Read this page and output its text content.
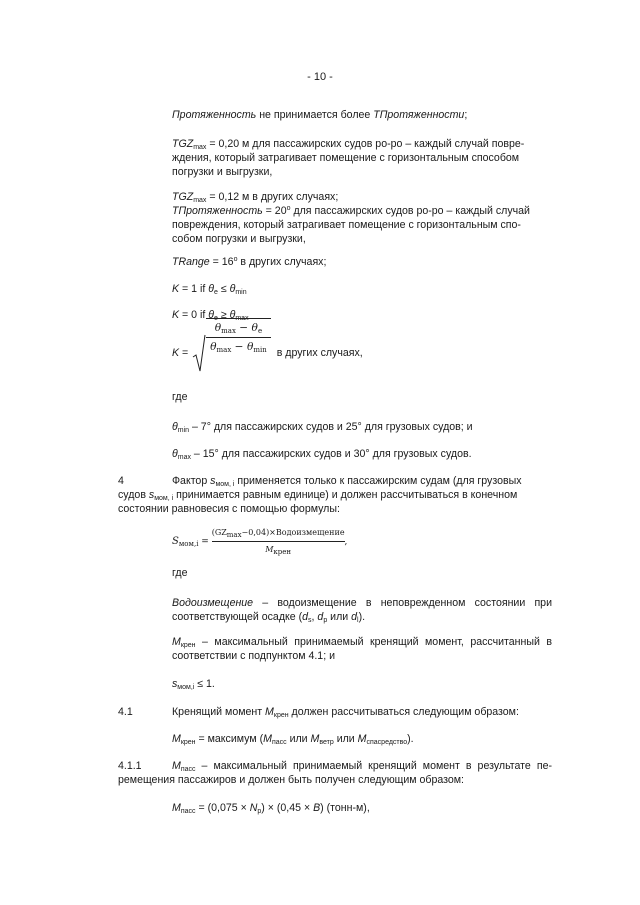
- 10 -
Протяженность не принимается более TПротяженности;
$TGZ_{max} = 0,20$ м для пассажирских судов ро-ро – каждый случай повре-
ждения, который затрагивает помещение с горизонтальным способом
погрузки и выгрузки,
$TGZ_{max} = 0,12$ м в других случаях;
TПротяженность = $20^o$ для пассажирских судов ро-ро – каждый случай
повреждения, который затрагивает помещение с горизонтальным спо-
собом погрузки и выгрузки,
TRange = $16^o$ в других случаях;
K = 1 if $\theta_e \le \theta_{min}$
K = 0 if $\theta_e \ge \theta_{max}$
K =
$\theta_{max} - \theta_e$
$\theta_{max} - \theta_{min}$ в других случаях,
где
$\theta_{min} - 7^\circ$ для пассажирских судов и 25° для грузовых судов; и
$\theta_{max} - 15^\circ$ для пассажирских судов и 30° для грузовых судов.
4	Фактор $s_{мом, i}$ применяется только к пассажирским судам (для грузовых
судов $s_{мом, i}$ принимается равным единице) и должен рассчитываться в конечном
состоянии равновесия с помощью формулы:
$S_{мом,i}$ =
$(GZ_{max}-0,04)\times Водоизмещение$
$M_{крен}$
,
где
Водоизмещение – водоизмещение в неповрежденном состоянии при
соответствующей осадке ($d_s$, $d_p$ или $d_l$).
$M_{крен}$ – максимальный принимаемый кренящий момент, рассчитанный в
соответствии с подпунктом 4.1; и
$s_{мом,i} \le 1$.
4.1	Кренящий момент $M_{крен}$ должен рассчитываться следующим образом:
$M_{крен}$ = максимум ($M_{пасс}$ или $M_{ветр}$ или $M_{спасредство}$).
4.1.1	$M_{пасс}$ – максимальный принимаемый кренящий момент в результате пе-
ремещения пассажиров и должен быть получен следующим образом:
$M_{пасс} = (0,075 \times N_p) \times (0,45 \times B)$ (тонн-м),
